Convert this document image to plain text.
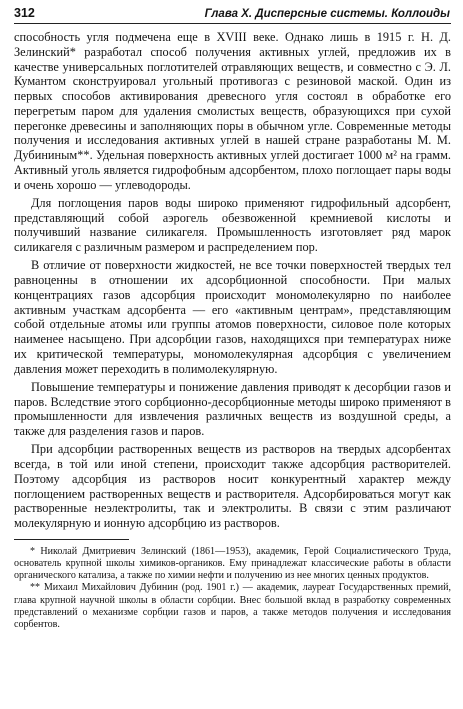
312	Глава X. Дисперсные системы. Коллоиды

способность угля подмечена еще в XVIII веке. Однако лишь в 1915 г. Н. Д. Зелинский* разработал способ получения активных углей, предложив их в качестве универсальных поглотителей отравляющих веществ, и совместно с Э. Л. Кумантом сконструировал угольный противогаз с резиновой маской. Один из первых способов активирования древесного угля состоял в обработке его перегретым паром для удаления смолистых веществ, образующихся при сухой перегонке древесины и заполняющих поры в обычном угле. Современные методы получения и исследования активных углей в нашей стране разработаны М. М. Дубининым**. Удельная поверхность активных углей достигает 1000 м² на грамм. Активный уголь является гидрофобным адсорбентом, плохо поглощает пары воды и очень хорошо — углеводороды.

Для поглощения паров воды широко применяют гидрофильный адсорбент, представляющий собой аэрогель обезвоженной кремниевой кислоты и получивший название силикагеля. Промышленность изготовляет ряд марок силикагеля с различным размером и распределением пор.

В отличие от поверхности жидкостей, не все точки поверхностей твердых тел равноценны в отношении их адсорбционной способности. При малых концентрациях газов адсорбция происходит мономолекулярно по наиболее активным участкам адсорбента — его «активным центрам», представляющим собой отдельные атомы или группы атомов поверхности, силовое поле которых наименее насыщено. При адсорбции газов, находящихся при температурах ниже их критической температуры, мономолекулярная адсорбция с увеличением давления может переходить в полимолекулярную.

Повышение температуры и понижение давления приводят к десорбции газов и паров. Вследствие этого сорбционно-десорбционные методы широко применяют в промышленности для извлечения различных веществ из воздушной среды, а также для разделения газов и паров.

При адсорбции растворенных веществ из растворов на твердых адсорбентах всегда, в той или иной степени, происходит также адсорбция растворителей. Поэтому адсорбция из растворов носит конкурентный характер между поглощением растворенных веществ и растворителя. Адсорбироваться могут как растворенные неэлектролиты, так и электролиты. В связи с этим различают молекулярную и ионную адсорбцию из растворов.

* Николай Дмитриевич Зелинский (1861—1953), академик, Герой Социалистического Труда, основатель крупной школы химиков-органиков. Ему принадлежат классические работы в области органического катализа, а также по химии нефти и получению из нее многих ценных продуктов.

** Михаил Михайлович Дубинин (род. 1901 г.) — академик, лауреат Государственных премий, глава крупной научной школы в области сорбции. Внес большой вклад в разработку современных представлений о механизме сорбции газов и паров, а также методов получения и исследования сорбентов.
